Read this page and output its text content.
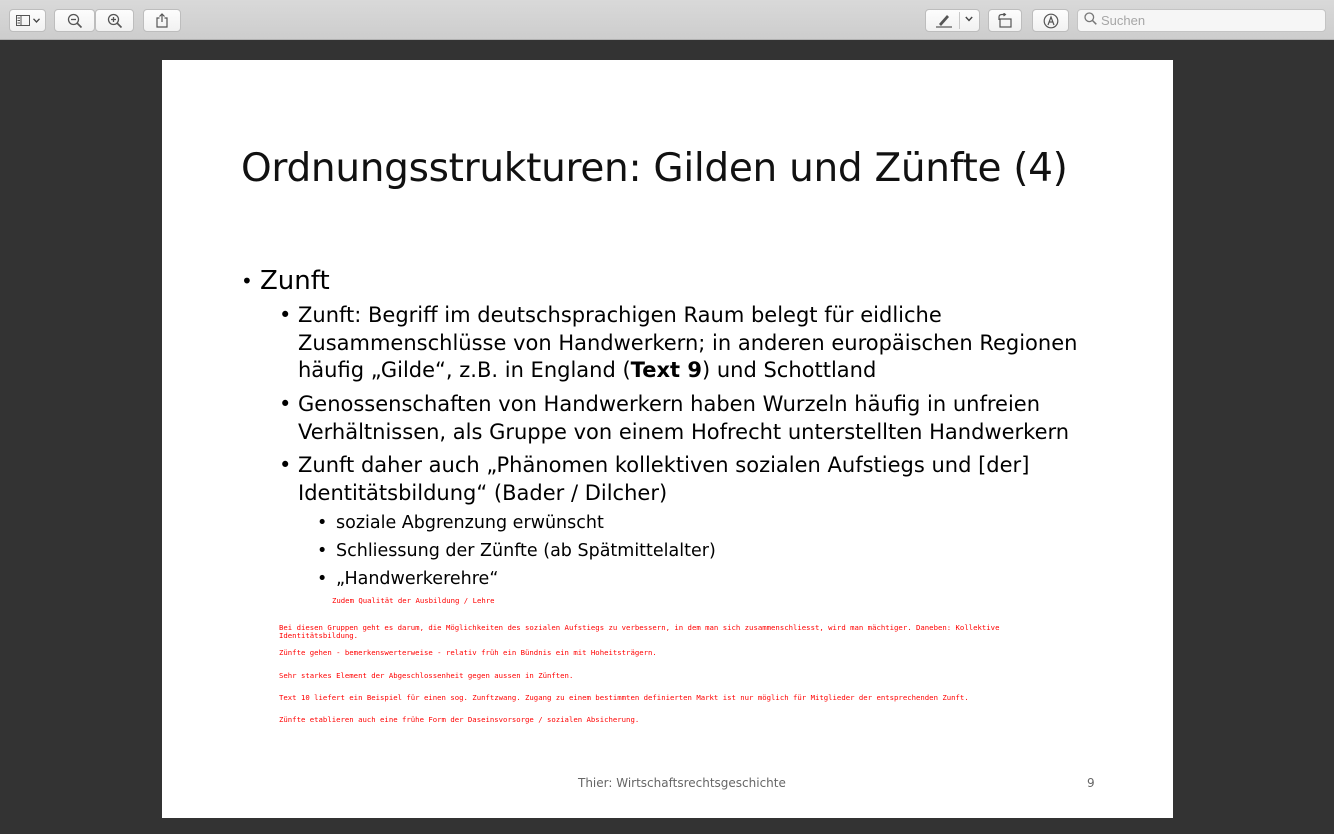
Suchen
Ordnungsstrukturen: Gilden und Zünfte (4)
• Zunft
• Zunft: Begriff im deutschsprachigen Raum belegt für eidliche
Zusammenschlüsse von Handwerkern; in anderen europäischen Regionen
häufig „Gilde“, z.B. in England (Text 9) und Schottland
• Genossenschaften von Handwerkern haben Wurzeln häufig in unfreien
Verhältnissen, als Gruppe von einem Hofrecht unterstellten Handwerkern
• Zunft daher auch „Phänomen kollektiven sozialen Aufstiegs und [der]
Identitätsbildung“ (Bader / Dilcher)
• soziale Abgrenzung erwünscht
• Schliessung der Zünfte (ab Spätmittelalter)
• „Handwerkerehre“
Zudem Qualität der Ausbildung / Lehre
Bei diesen Gruppen geht es darum, die Möglichkeiten des sozialen Aufstiegs zu verbessern, in dem man sich zusammenschliesst, wird man mächtiger. Daneben: Kollektive
Identitätsbildung.
Zünfte gehen - bemerkenswerterweise - relativ früh ein Bündnis ein mit Hoheitsträgern.
Sehr starkes Element der Abgeschlossenheit gegen aussen in Zünften.
Text 10 liefert ein Beispiel für einen sog. Zunftzwang. Zugang zu einem bestimmten definierten Markt ist nur möglich für Mitglieder der entsprechenden Zunft.
Zünfte etablieren auch eine frühe Form der Daseinsvorsorge / sozialen Absicherung.
Thier: Wirtschaftsrechtsgeschichte	9
